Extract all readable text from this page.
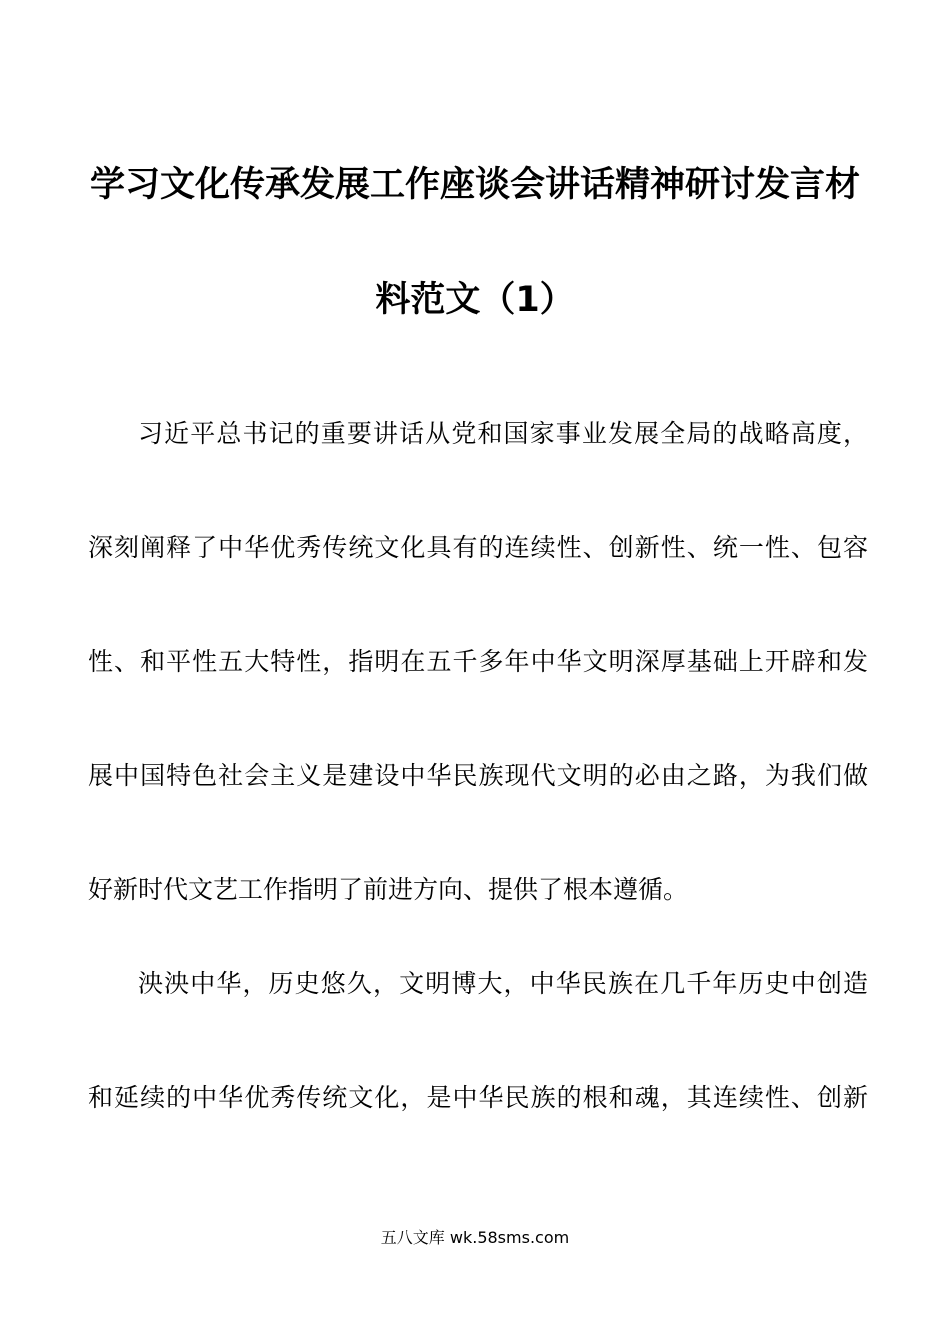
学习文化传承发展工作座谈会讲话精神研讨发言材
料范文（1）
习近平总书记的重要讲话从党和国家事业发展全局的战略高度，
深刻阐释了中华优秀传统文化具有的连续性、创新性、统一性、包容
性、和平性五大特性，指明在五千多年中华文明深厚基础上开辟和发
展中国特色社会主义是建设中华民族现代文明的必由之路，为我们做
好新时代文艺工作指明了前进方向、提供了根本遵循。
泱泱中华，历史悠久，文明博大，中华民族在几千年历史中创造
和延续的中华优秀传统文化，是中华民族的根和魂，其连续性、创新
五八文库 wk.58sms.com
